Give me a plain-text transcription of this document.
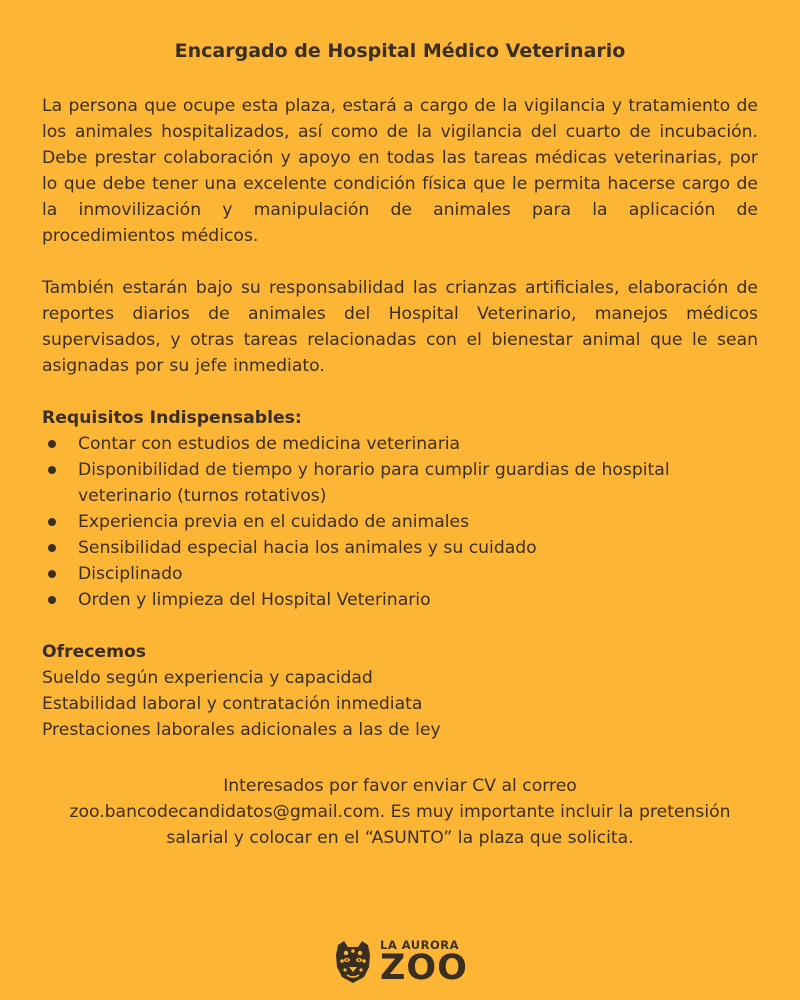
Encargado de Hospital Médico Veterinario

La persona que ocupe esta plaza, estará a cargo de la vigilancia y tratamiento de los animales hospitalizados, así como de la vigilancia del cuarto de incubación. Debe prestar colaboración y apoyo en todas las tareas médicas veterinarias, por lo que debe tener una excelente condición física que le permita hacerse cargo de la inmovilización y manipulación de animales para la aplicación de procedimientos médicos.

También estarán bajo su responsabilidad las crianzas artificiales, elaboración de reportes diarios de animales del Hospital Veterinario, manejos médicos supervisados, y otras tareas relacionadas con el bienestar animal que le sean asignadas por su jefe inmediato.

Requisitos Indispensables:
Contar con estudios de medicina veterinaria
Disponibilidad de tiempo y horario para cumplir guardias de hospital veterinario (turnos rotativos)
Experiencia previa en el cuidado de animales
Sensibilidad especial hacia los animales y su cuidado
Disciplinado
Orden y limpieza del Hospital Veterinario
Ofrecemos

Sueldo según experiencia y capacidad

Estabilidad laboral y contratación inmediata

Prestaciones laborales adicionales a las de ley

Interesados por favor enviar CV al correo
zoo.bancodecandidatos@gmail.com. Es muy importante incluir la pretensión salarial y colocar en el “ASUNTO” la plaza que solicita.
LA AURORA
ZOO
